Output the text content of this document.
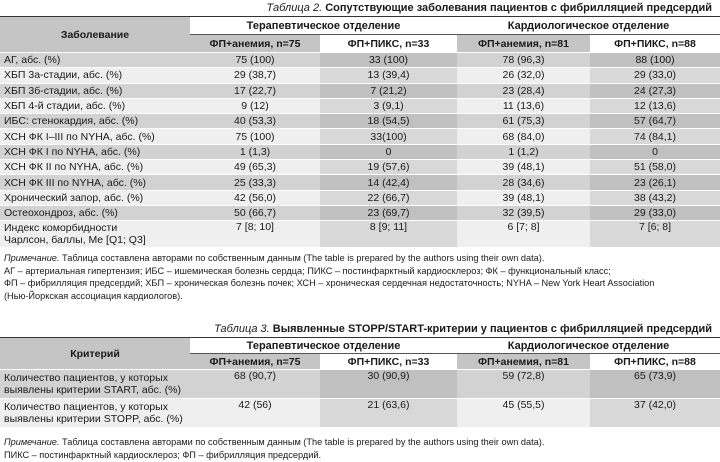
Таблица 2. Сопутствующие заболевания пациентов с фибрилляцией предсердий
Заболевание	Терапевтическое отделение		Кардиологическое отделение	
	ФП+анемия, n=75	ФП+ПИКС, n=33	ФП+анемия, n=81	ФП+ПИКС, n=88

АГ, абс. (%)	75 (100)	33 (100)	78 (96,3)	88 (100)

ХБП 3а-стадии, абс. (%)	29 (38,7)	13 (39,4)	26 (32,0)	29 (33,0)

ХБП 3б-стадии, абс. (%)	17 (22,7)	7 (21,2)	23 (28,4)	24 (27,3)

ХБП 4-й стадии, абс. (%)	9 (12)	3 (9,1)	11 (13,6)	12 (13,6)

ИБС: стенокардия, абс. (%)	40 (53,3)	18 (54,5)	61 (75,3)	57 (64,7)

ХСН ФК I–III по NYHA, абс. (%)	75 (100)	33(100)	68 (84,0)	74 (84,1)

ХСН ФК I по NYHA, абс. (%)	1 (1,3)	0	1 (1,2)	0

ХСН ФК II по NYHA, абс. (%)	49 (65,3)	19 (57,6)	39 (48,1)	51 (58,0)

ХСН ФК III по NYHA, абс. (%)	25 (33,3)	14 (42,4)	28 (34,6)	23 (26,1)

Хронический запор, абс. (%)	42 (56,0)	22 (66,7)	39 (48,1)	38 (43,2)

Остеохондроз, абс. (%)	50 (66,7)	23 (69,7)	32 (39,5)	29 (33,0)

Индекс коморбидности
Чарлсон, баллы, Me [Q1; Q3]	7 [8; 10]	8 [9; 11]	6 [7; 8]	7 [6; 8]
Примечание. Таблица составлена авторами по собственным данным (The table is prepared by the authors using their own data).
АГ – артериальная гипертензия; ИБС – ишемическая болезнь сердца; ПИКС – постинфарктный кардиосклероз; ФК – функциональный класс;
ФП – фибрилляция предсердий; ХБП – хроническая болезнь почек; ХСН – хроническая сердечная недостаточность; NYHA – New York Heart Association
(Нью-Йоркская ассоциация кардиологов).
Таблица 3. Выявленные STOPP/START-критерии у пациентов с фибрилляцией предсердий
Критерий	Терапевтическое отделение		Кардиологическое отделение	
	ФП+анемия, n=75	ФП+ПИКС, n=33	ФП+анемия, n=81	ФП+ПИКС, n=88

Количество пациентов, у которых
выявлены критерии START, абс. (%)	68 (90,7)	30 (90,9)	59 (72,8)	65 (73,9)

Количество пациентов, у которых
выявлены критерии STOPP, абс. (%)	42 (56)	21 (63,6)	45 (55,5)	37 (42,0)
Примечание. Таблица составлена авторами по собственным данным (The table is prepared by the authors using their own data).
ПИКС – постинфарктный кардиосклероз; ФП – фибрилляция предсердий.
